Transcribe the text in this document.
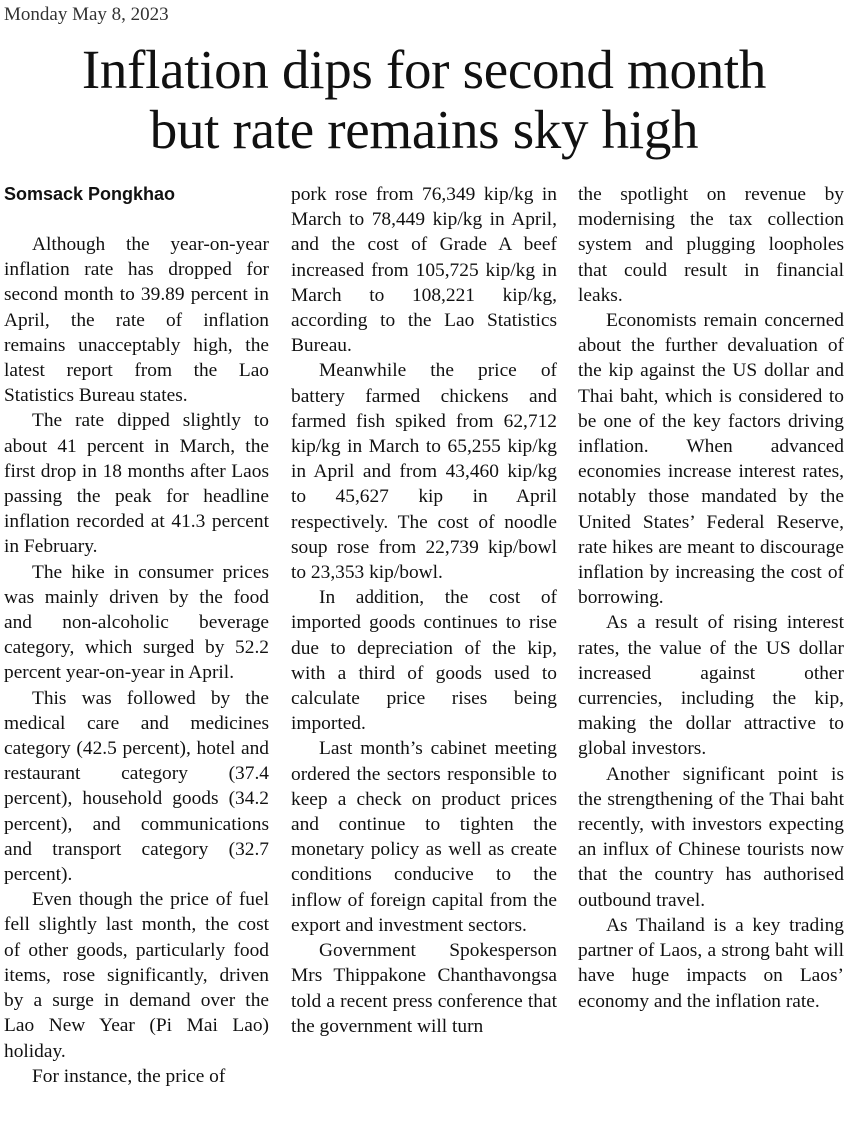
Monday May 8, 2023
Inflation dips for second month
but rate remains sky high
Somsack Pongkhao

Although the year-on-year inflation rate has dropped for second month to 39.89 percent in April, the rate of inflation remains unacceptably high, the latest report from the Lao Statistics Bureau states.

The rate dipped slightly to about 41 percent in March, the first drop in 18 months after Laos passing the peak for headline inflation recorded at 41.3 percent in February.

The hike in consumer prices was mainly driven by the food and non-alcoholic beverage category, which surged by 52.2 percent year-on-year in April.

This was followed by the medical care and medicines category (42.5 percent), hotel and restaurant category (37.4 percent), household goods (34.2 percent), and communications and transport category (32.7 percent).

Even though the price of fuel fell slightly last month, the cost of other goods, particularly food items, rose significantly, driven by a surge in demand over the Lao New Year (Pi Mai Lao) holiday.

For instance, the price of

pork rose from 76,349 kip/kg in March to 78,449 kip/kg in April, and the cost of Grade A beef increased from 105,725 kip/kg in March to 108,221 kip/kg, according to the Lao Statistics Bureau.

Meanwhile the price of battery farmed chickens and farmed fish spiked from 62,712 kip/kg in March to 65,255 kip/kg in April and from 43,460 kip/kg to 45,627 kip in April respectively. The cost of noodle soup rose from 22,739 kip/bowl to 23,353 kip/bowl.

In addition, the cost of imported goods continues to rise due to depreciation of the kip, with a third of goods used to calculate price rises being imported.

Last month’s cabinet meeting ordered the sectors responsible to keep a check on product prices and continue to tighten the monetary policy as well as create conditions conducive to the inflow of foreign capital from the export and investment sectors.

Government Spokesperson Mrs Thippakone Chanthavongsa told a recent press conference that the government will turn

the spotlight on revenue by modernising the tax collection system and plugging loopholes that could result in financial leaks.

Economists remain concerned about the further devaluation of the kip against the US dollar and Thai baht, which is considered to be one of the key factors driving inflation. When advanced economies increase interest rates, notably those mandated by the United States’ Federal Reserve, rate hikes are meant to discourage inflation by increasing the cost of borrowing.

As a result of rising interest rates, the value of the US dollar increased against other currencies, including the kip, making the dollar attractive to global investors.

Another significant point is the strengthening of the Thai baht recently, with investors expecting an influx of Chinese tourists now that the country has authorised outbound travel.

As Thailand is a key trading partner of Laos, a strong baht will have huge impacts on Laos’ economy and the inflation rate.
